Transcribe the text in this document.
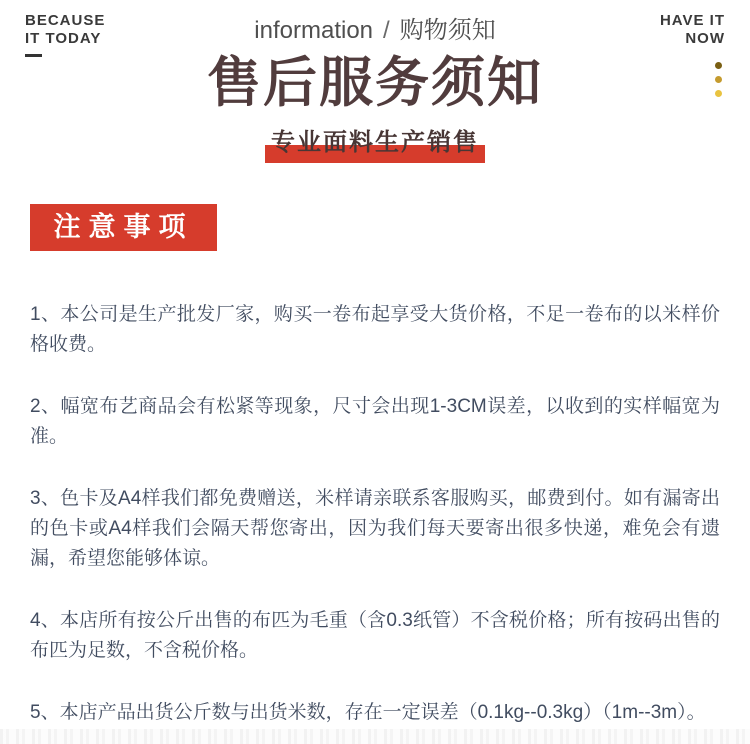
BECAUSE
IT TODAY	information / 购物须知	HAVE IT
NOW
售后服务须知
专业面料生产销售
注意事项

1、本公司是生产批发厂家，购买一卷布起享受大货价格，不足一卷布的以米样价格收费。

2、幅宽布艺商品会有松紧等现象，尺寸会出现1-3CM误差，以收到的实样幅宽为准。

3、色卡及A4样我们都免费赠送，米样请亲联系客服购买，邮费到付。如有漏寄出的色卡或A4样我们会隔天帮您寄出，因为我们每天要寄出很多快递，难免会有遗漏，希望您能够体谅。

4、本店所有按公斤出售的布匹为毛重（含0.3纸管）不含税价格；所有按码出售的布匹为足数，不含税价格。

5、本店产品出货公斤数与出货米数，存在一定误差（0.1kg--0.3kg）（1m--3m）。
